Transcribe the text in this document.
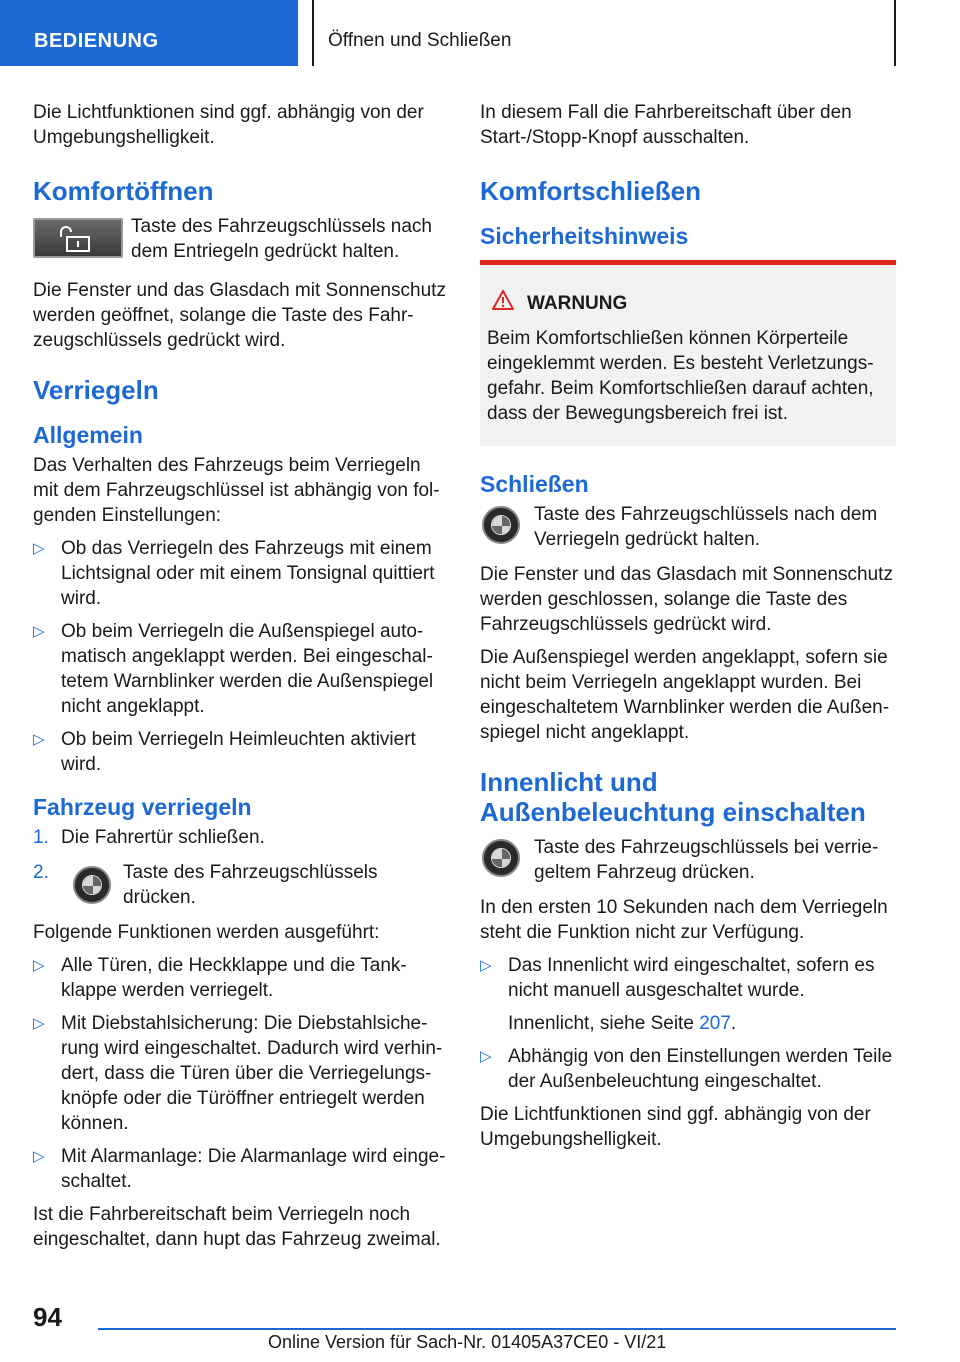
BEDIENUNG	Öffnen und Schließen

Die Lichtfunktionen sind ggf. abhängig von der Umgebungshelligkeit.

Komfortöffnen
Taste des Fahrzeugschlüssels nach dem Entriegeln gedrückt halten.

Die Fenster und das Glasdach mit Sonnenschutz werden geöffnet, solange die Taste des Fahrzeugschlüssels gedrückt wird.

Verriegeln
Allgemein

Das Verhalten des Fahrzeugs beim Verriegeln mit dem Fahrzeugschlüssel ist abhängig von folgenden Einstellungen:

▷ Ob das Verriegeln des Fahrzeugs mit einem Lichtsignal oder mit einem Tonsignal quittiert wird.
▷ Ob beim Verriegeln die Außenspiegel automatisch angeklappt werden. Bei eingeschaltetem Warnblinker werden die Außenspiegel nicht angeklappt.
▷ Ob beim Verriegeln Heimleuchten aktiviert wird.
Fahrzeug verriegeln
1. Die Fahrertür schließen.
2.	Taste des Fahrzeugschlüssels drücken.

Folgende Funktionen werden ausgeführt:

▷ Alle Türen, die Heckklappe und die Tankklappe werden verriegelt.
▷ Mit Diebstahlsicherung: Die Diebstahlsicherung wird eingeschaltet. Dadurch wird verhindert, dass die Türen über die Verriegelungsknöpfe oder die Türöffner entriegelt werden können.
▷ Mit Alarmanlage: Die Alarmanlage wird eingeschaltet.

Ist die Fahrbereitschaft beim Verriegeln noch eingeschaltet, dann hupt das Fahrzeug zweimal.

In diesem Fall die Fahrbereitschaft über den Start-/Stopp-Knopf ausschalten.

Komfortschließen
Sicherheitshinweis
WARNUNG
Beim Komfortschließen können Körperteile eingeklemmt werden. Es besteht Verletzungsgefahr. Beim Komfortschließen darauf achten, dass der Bewegungsbereich frei ist.
Schließen
Taste des Fahrzeugschlüssels nach dem Verriegeln gedrückt halten.

Die Fenster und das Glasdach mit Sonnenschutz werden geschlossen, solange die Taste des Fahrzeugschlüssels gedrückt wird.

Die Außenspiegel werden angeklappt, sofern sie nicht beim Verriegeln angeklappt wurden. Bei eingeschaltetem Warnblinker werden die Außenspiegel nicht angeklappt.

Innenlicht und Außenbeleuchtung einschalten
Taste des Fahrzeugschlüssels bei verriegeltem Fahrzeug drücken.

In den ersten 10 Sekunden nach dem Verriegeln steht die Funktion nicht zur Verfügung.

▷ Das Innenlicht wird eingeschaltet, sofern es nicht manuell ausgeschaltet wurde.
Innenlicht, siehe Seite 207.
▷ Abhängig von den Einstellungen werden Teile der Außenbeleuchtung eingeschaltet.

Die Lichtfunktionen sind ggf. abhängig von der Umgebungshelligkeit.

94
Online Version für Sach-Nr. 01405A37CE0 - VI/21
